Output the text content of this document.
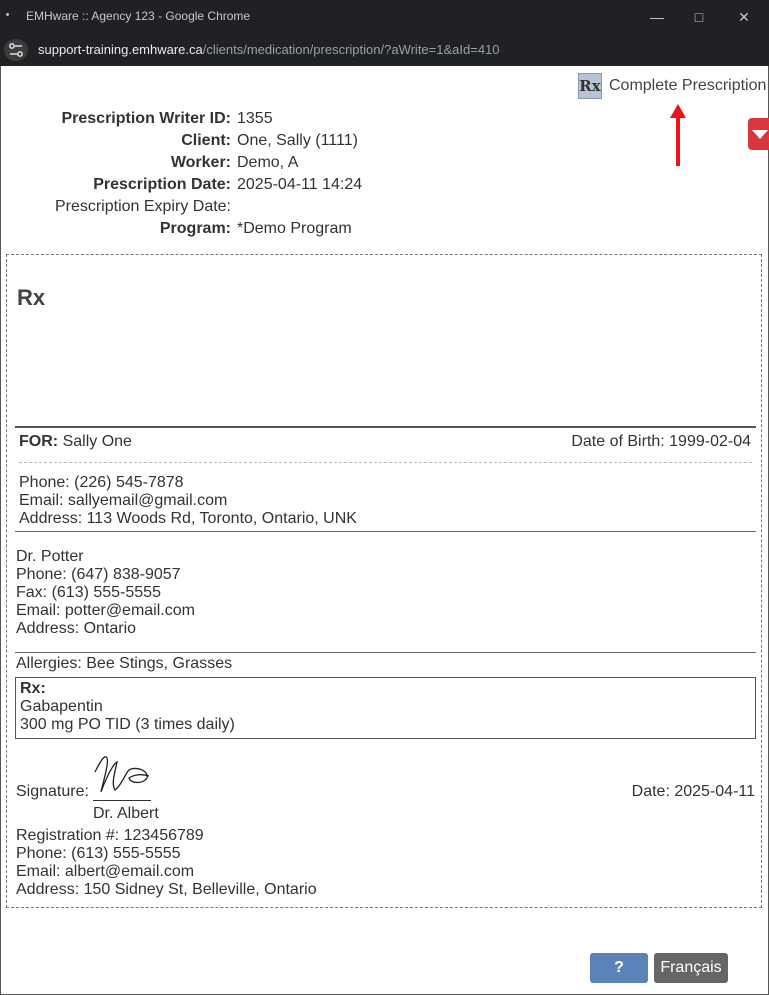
EMHware :: Agency 123 - Google Chrome	—	□	✕
support-training.emhware.ca/clients/medication/prescription/?aWrite=1&aId=410
Rx Complete Prescription
Prescription Writer ID: 1355
Client: One, Sally (1111)
Worker: Demo, A
Prescription Date: 2025-04-11 14:24
Prescription Expiry Date:
Program: *Demo Program
Rx
FOR: Sally One	Date of Birth: 1999-02-04
Phone: (226) 545-7878
Email: sallyemail@gmail.com
Address: 113 Woods Rd, Toronto, Ontario, UNK
Dr. Potter
Phone: (647) 838-9057
Fax: (613) 555-5555
Email: potter@email.com
Address: Ontario
Allergies: Bee Stings, Grasses
Rx:
Gabapentin
300 mg PO TID (3 times daily)
Signature:
Dr. Albert
Date: 2025-04-11
Registration #: 123456789
Phone: (613) 555-5555
Email: albert@email.com
Address: 150 Sidney St, Belleville, Ontario
?	Français
